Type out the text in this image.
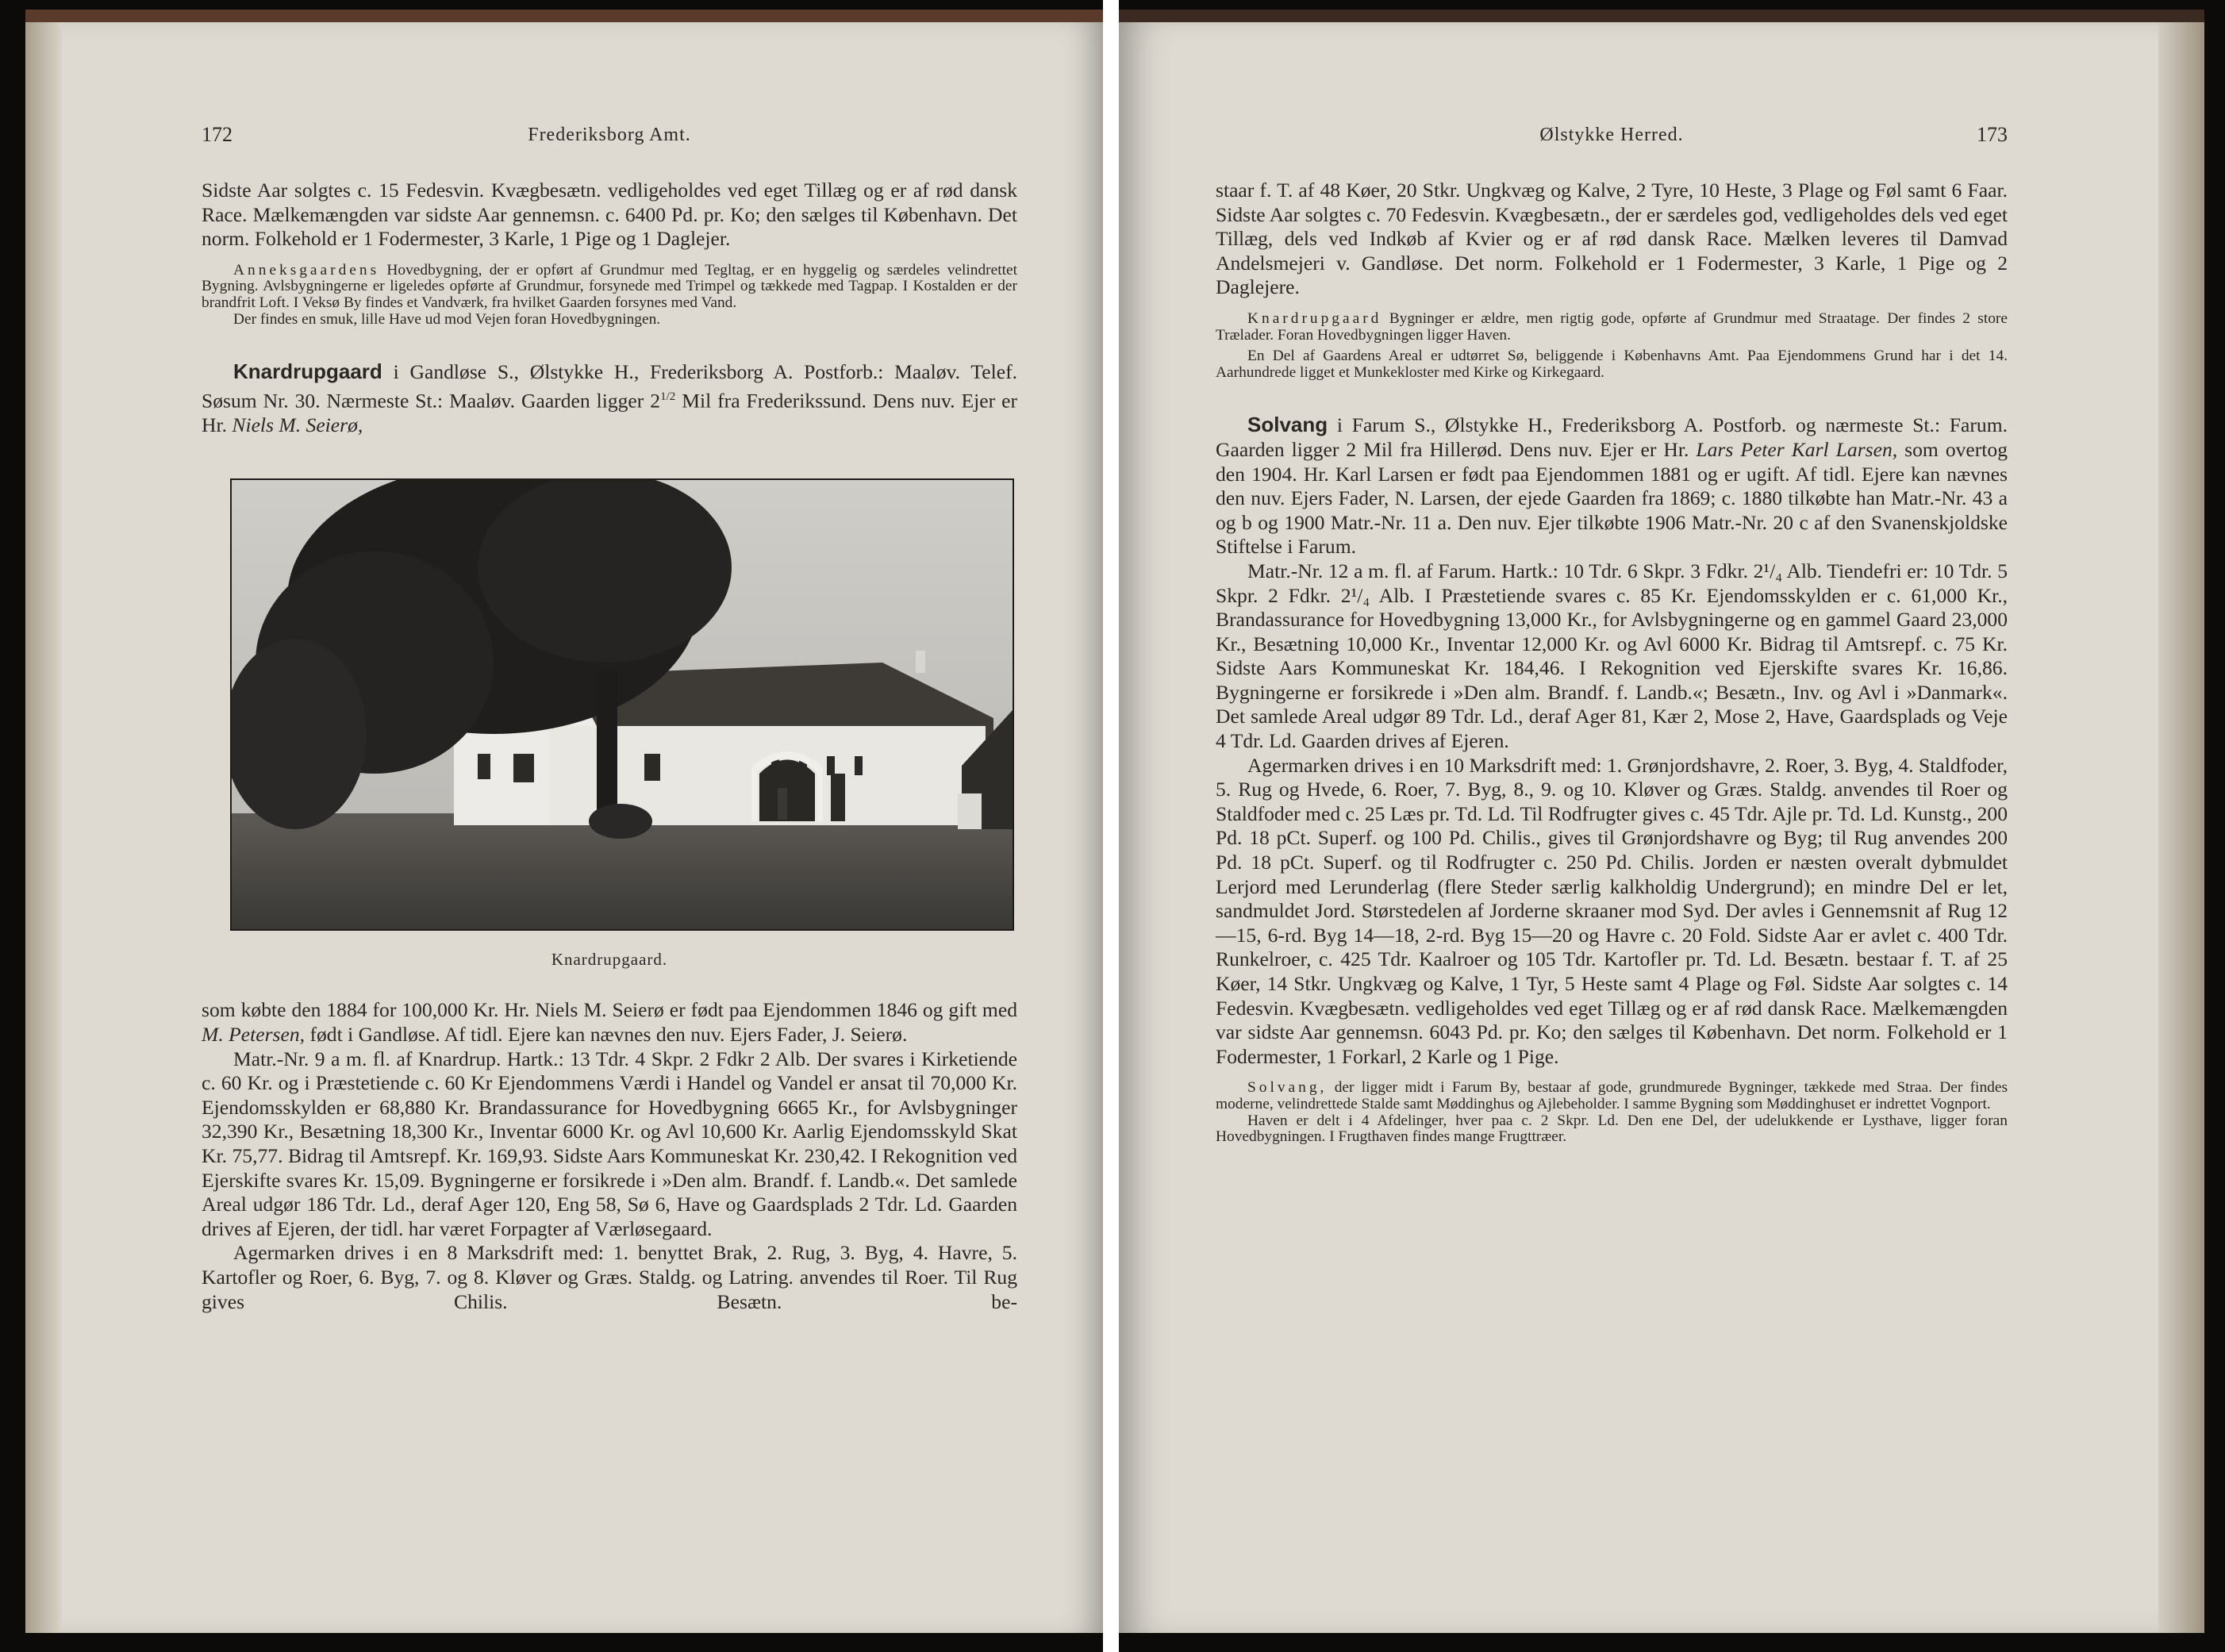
172	Frederiksborg Amt.

Sidste Aar solgtes c. 15 Fedesvin. Kvægbesætn. vedligeholdes ved eget Tillæg og er af rød dansk Race. Mælkemængden var sidste Aar gennemsn. c. 6400 Pd. pr. Ko; den sælges til København. Det norm. Folkehold er 1 Fodermester, 3 Karle, 1 Pige og 1 Daglejer.

Anneksgaardens Hovedbygning, der er opført af Grundmur med Tegltag, er en hyggelig og særdeles velindrettet Bygning. Avlsbygningerne er ligeledes opførte af Grundmur, forsynede med Trimpel og tækkede med Tagpap. I Kostalden er der brandfrit Loft. I Veksø By findes et Vandværk, fra hvilket Gaarden forsynes med Vand.

Der findes en smuk, lille Have ud mod Vejen foran Hovedbygningen.

Knardrupgaard i Gandløse S., Ølstykke H., Frederiksborg A. Postforb.: Maaløv. Telef. Søsum Nr. 30. Nærmeste St.: Maaløv. Gaarden ligger $2^{1/2}$ Mil fra Frederikssund. Dens nuv. Ejer er Hr. Niels M. Seierø,

Knardrupgaard.

som købte den 1884 for 100,000 Kr. Hr. Niels M. Seierø er født paa Ejendommen 1846 og gift med M. Petersen, født i Gandløse. Af tidl. Ejere kan nævnes den nuv. Ejers Fader, J. Seierø.

Matr.-Nr. 9 a m. fl. af Knardrup. Hartk.: 13 Tdr. 4 Skpr. 2 Fdkr 2 Alb. Der svares i Kirketiende c. 60 Kr. og i Præstetiende c. 60 Kr Ejendommens Værdi i Handel og Vandel er ansat til 70,000 Kr. Ejendomsskylden er 68,880 Kr. Brandassurance for Hovedbygning 6665 Kr., for Avlsbygninger 32,390 Kr., Besætning 18,300 Kr., Inventar 6000 Kr. og Avl 10,600 Kr. Aarlig Ejendomsskyld Skat Kr. 75,77. Bidrag til Amtsrepf. Kr. 169,93. Sidste Aars Kommuneskat Kr. 230,42. I Rekognition ved Ejerskifte svares Kr. 15,09. Bygningerne er forsikrede i »Den alm. Brandf. f. Landb.«. Det samlede Areal udgør 186 Tdr. Ld., deraf Ager 120, Eng 58, Sø 6, Have og Gaardsplads 2 Tdr. Ld. Gaarden drives af Ejeren, der tidl. har været Forpagter af Værløsegaard.

Agermarken drives i en 8 Marksdrift med: 1. benyttet Brak, 2. Rug, 3. Byg, 4. Havre, 5. Kartofler og Roer, 6. Byg, 7. og 8. Kløver og Græs. Staldg. og Latring. anvendes til Roer. Til Rug gives Chilis. Besætn. be-

Ølstykke Herred.	173

staar f. T. af 48 Køer, 20 Stkr. Ungkvæg og Kalve, 2 Tyre, 10 Heste, 3 Plage og Føl samt 6 Faar. Sidste Aar solgtes c. 70 Fedesvin. Kvægbesætn., der er særdeles god, vedligeholdes dels ved eget Tillæg, dels ved Indkøb af Kvier og er af rød dansk Race. Mælken leveres til Damvad Andelsmejeri v. Gandløse. Det norm. Folkehold er 1 Fodermester, 3 Karle, 1 Pige og 2 Daglejere.

Knardrupgaard Bygninger er ældre, men rigtig gode, opførte af Grundmur med Straatage. Der findes 2 store Trælader. Foran Hovedbygningen ligger Haven.

En Del af Gaardens Areal er udtørret Sø, beliggende i Københavns Amt. Paa Ejendommens Grund har i det 14. Aarhundrede ligget et Munkekloster med Kirke og Kirkegaard.

Solvang i Farum S., Ølstykke H., Frederiksborg A. Postforb. og nærmeste St.: Farum. Gaarden ligger 2 Mil fra Hillerød. Dens nuv. Ejer er Hr. Lars Peter Karl Larsen, som overtog den 1904. Hr. Karl Larsen er født paa Ejendommen 1881 og er ugift. Af tidl. Ejere kan nævnes den nuv. Ejers Fader, N. Larsen, der ejede Gaarden fra 1869; c. 1880 tilkøbte han Matr.-Nr. 43 a og b og 1900 Matr.-Nr. 11 a. Den nuv. Ejer tilkøbte 1906 Matr.-Nr. 20 c af den Svanenskjoldske Stiftelse i Farum.

Matr.-Nr. 12 a m. fl. af Farum. Hartk.: 10 Tdr. 6 Skpr. 3 Fdkr. 2¹/₄ Alb. Tiendefri er: 10 Tdr. 5 Skpr. 2 Fdkr. 2¹/₄ Alb. I Præstetiende svares c. 85 Kr. Ejendomsskylden er c. 61,000 Kr., Brandassurance for Hovedbygning 13,000 Kr., for Avlsbygningerne og en gammel Gaard 23,000 Kr., Besætning 10,000 Kr., Inventar 12,000 Kr. og Avl 6000 Kr. Bidrag til Amtsrepf. c. 75 Kr. Sidste Aars Kommuneskat Kr. 184,46. I Rekognition ved Ejerskifte svares Kr. 16,86. Bygningerne er forsikrede i »Den alm. Brandf. f. Landb.«; Besætn., Inv. og Avl i »Danmark«. Det samlede Areal udgør 89 Tdr. Ld., deraf Ager 81, Kær 2, Mose 2, Have, Gaardsplads og Veje 4 Tdr. Ld. Gaarden drives af Ejeren.

Agermarken drives i en 10 Marksdrift med: 1. Grønjordshavre, 2. Roer, 3. Byg, 4. Staldfoder, 5. Rug og Hvede, 6. Roer, 7. Byg, 8., 9. og 10. Kløver og Græs. Staldg. anvendes til Roer og Staldfoder med c. 25 Læs pr. Td. Ld. Til Rodfrugter gives c. 45 Tdr. Ajle pr. Td. Ld. Kunstg., 200 Pd. 18 pCt. Superf. og 100 Pd. Chilis., gives til Grønjordshavre og Byg; til Rug anvendes 200 Pd. 18 pCt. Superf. og til Rodfrugter c. 250 Pd. Chilis. Jorden er næsten overalt dybmuldet Lerjord med Lerunderlag (flere Steder særlig kalkholdig Undergrund); en mindre Del er let, sandmuldet Jord. Størstedelen af Jorderne skraaner mod Syd. Der avles i Gennemsnit af Rug 12—15, 6-rd. Byg 14—18, 2-rd. Byg 15—20 og Havre c. 20 Fold. Sidste Aar er avlet c. 400 Tdr. Runkelroer, c. 425 Tdr. Kaalroer og 105 Tdr. Kartofler pr. Td. Ld. Besætn. bestaar f. T. af 25 Køer, 14 Stkr. Ungkvæg og Kalve, 1 Tyr, 5 Heste samt 4 Plage og Føl. Sidste Aar solgtes c. 14 Fedesvin. Kvægbesætn. vedligeholdes ved eget Tillæg og er af rød dansk Race. Mælkemængden var sidste Aar gennemsn. 6043 Pd. pr. Ko; den sælges til København. Det norm. Folkehold er 1 Fodermester, 1 Forkarl, 2 Karle og 1 Pige.

Solvang, der ligger midt i Farum By, bestaar af gode, grundmurede Bygninger, tækkede med Straa. Der findes moderne, velindrettede Stalde samt Møddinghus og Ajlebeholder. I samme Bygning som Møddinghuset er indrettet Vognport.

Haven er delt i 4 Afdelinger, hver paa c. 2 Skpr. Ld. Den ene Del, der udelukkende er Lysthave, ligger foran Hovedbygningen. I Frugthaven findes mange Frugttræer.
